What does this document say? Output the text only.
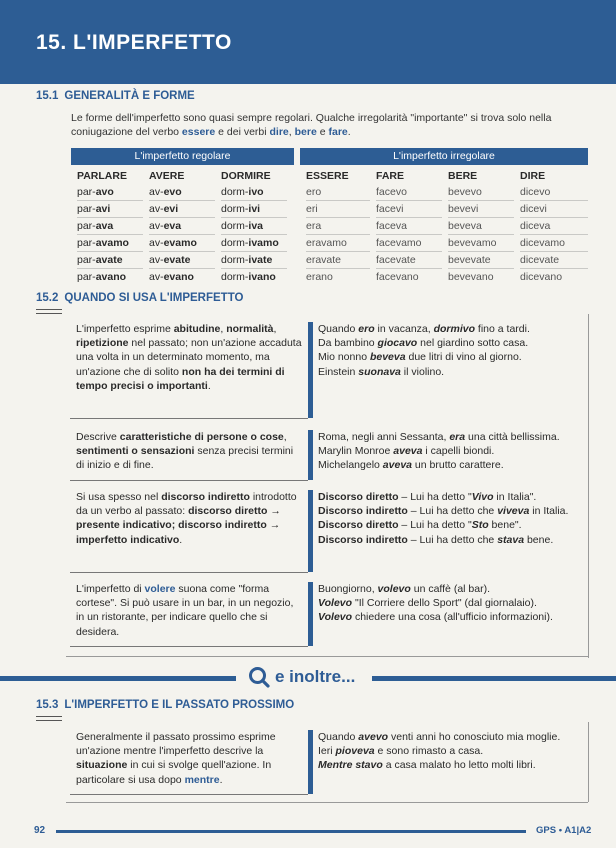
15. L'IMPERFETTO
15.1 GENERALITÀ E FORME
Le forme dell'imperfetto sono quasi sempre regolari. Qualche irregolarità "importante" si trova solo nella coniugazione del verbo essere e dei verbi dire, bere e fare.
L'imperfetto regolare
PARLARE
par-avo
par-avi
par-ava
par-avamo
par-avate
par-avano
AVERE
av-evo
av-evi
av-eva
av-evamo
av-evate
av-evano
DORMIRE
dorm-ivo
dorm-ivi
dorm-iva
dorm-ivamo
dorm-ivate
dorm-ivano
L'imperfetto irregolare
ESSERE
ero
eri
era
eravamo
eravate
erano
FARE
facevo
facevi
faceva
facevamo
facevate
facevano
BERE
bevevo
bevevi
beveva
bevevamo
bevevate
bevevano
DIRE
dicevo
dicevi
diceva
dicevamo
dicevate
dicevano
15.2 QUANDO SI USA L'IMPERFETTO
L'imperfetto esprime abitudine, normalità, ripetizione nel passato; non un'azione accaduta una volta in un determinato momento, ma un'azione che di solito non ha dei termini di tempo precisi o importanti.
Quando ero in vacanza, dormivo fino a tardi.
Da bambino giocavo nel giardino sotto casa.
Mio nonno beveva due litri di vino al giorno.
Einstein suonava il violino.
Descrive caratteristiche di persone o cose, sentimenti o sensazioni senza precisi termini di inizio e di fine.
Roma, negli anni Sessanta, era una città bellissima.
Marylin Monroe aveva i capelli biondi.
Michelangelo aveva un brutto carattere.
Si usa spesso nel discorso indiretto introdotto da un verbo al passato: discorso diretto → presente indicativo; discorso indiretto → imperfetto indicativo.
Discorso diretto – Lui ha detto "Vivo in Italia".
Discorso indiretto – Lui ha detto che viveva in Italia.
Discorso diretto – Lui ha detto "Sto bene".
Discorso indiretto – Lui ha detto che stava bene.
L'imperfetto di volere suona come "forma cortese". Si può usare in un bar, in un negozio, in un ristorante, per indicare quello che si desidera.
Buongiorno, volevo un caffè (al bar).
Volevo "Il Corriere dello Sport" (dal giornalaio).
Volevo chiedere una cosa (all'ufficio informazioni).
e inoltre...
15.3 L'IMPERFETTO E IL PASSATO PROSSIMO
Generalmente il passato prossimo esprime un'azione mentre l'imperfetto descrive la situazione in cui si svolge quell'azione. In particolare si usa dopo mentre.
Quando avevo venti anni ho conosciuto mia moglie.
Ieri pioveva e sono rimasto a casa.
Mentre stavo a casa malato ho letto molti libri.
92	GPS • A1|A2
